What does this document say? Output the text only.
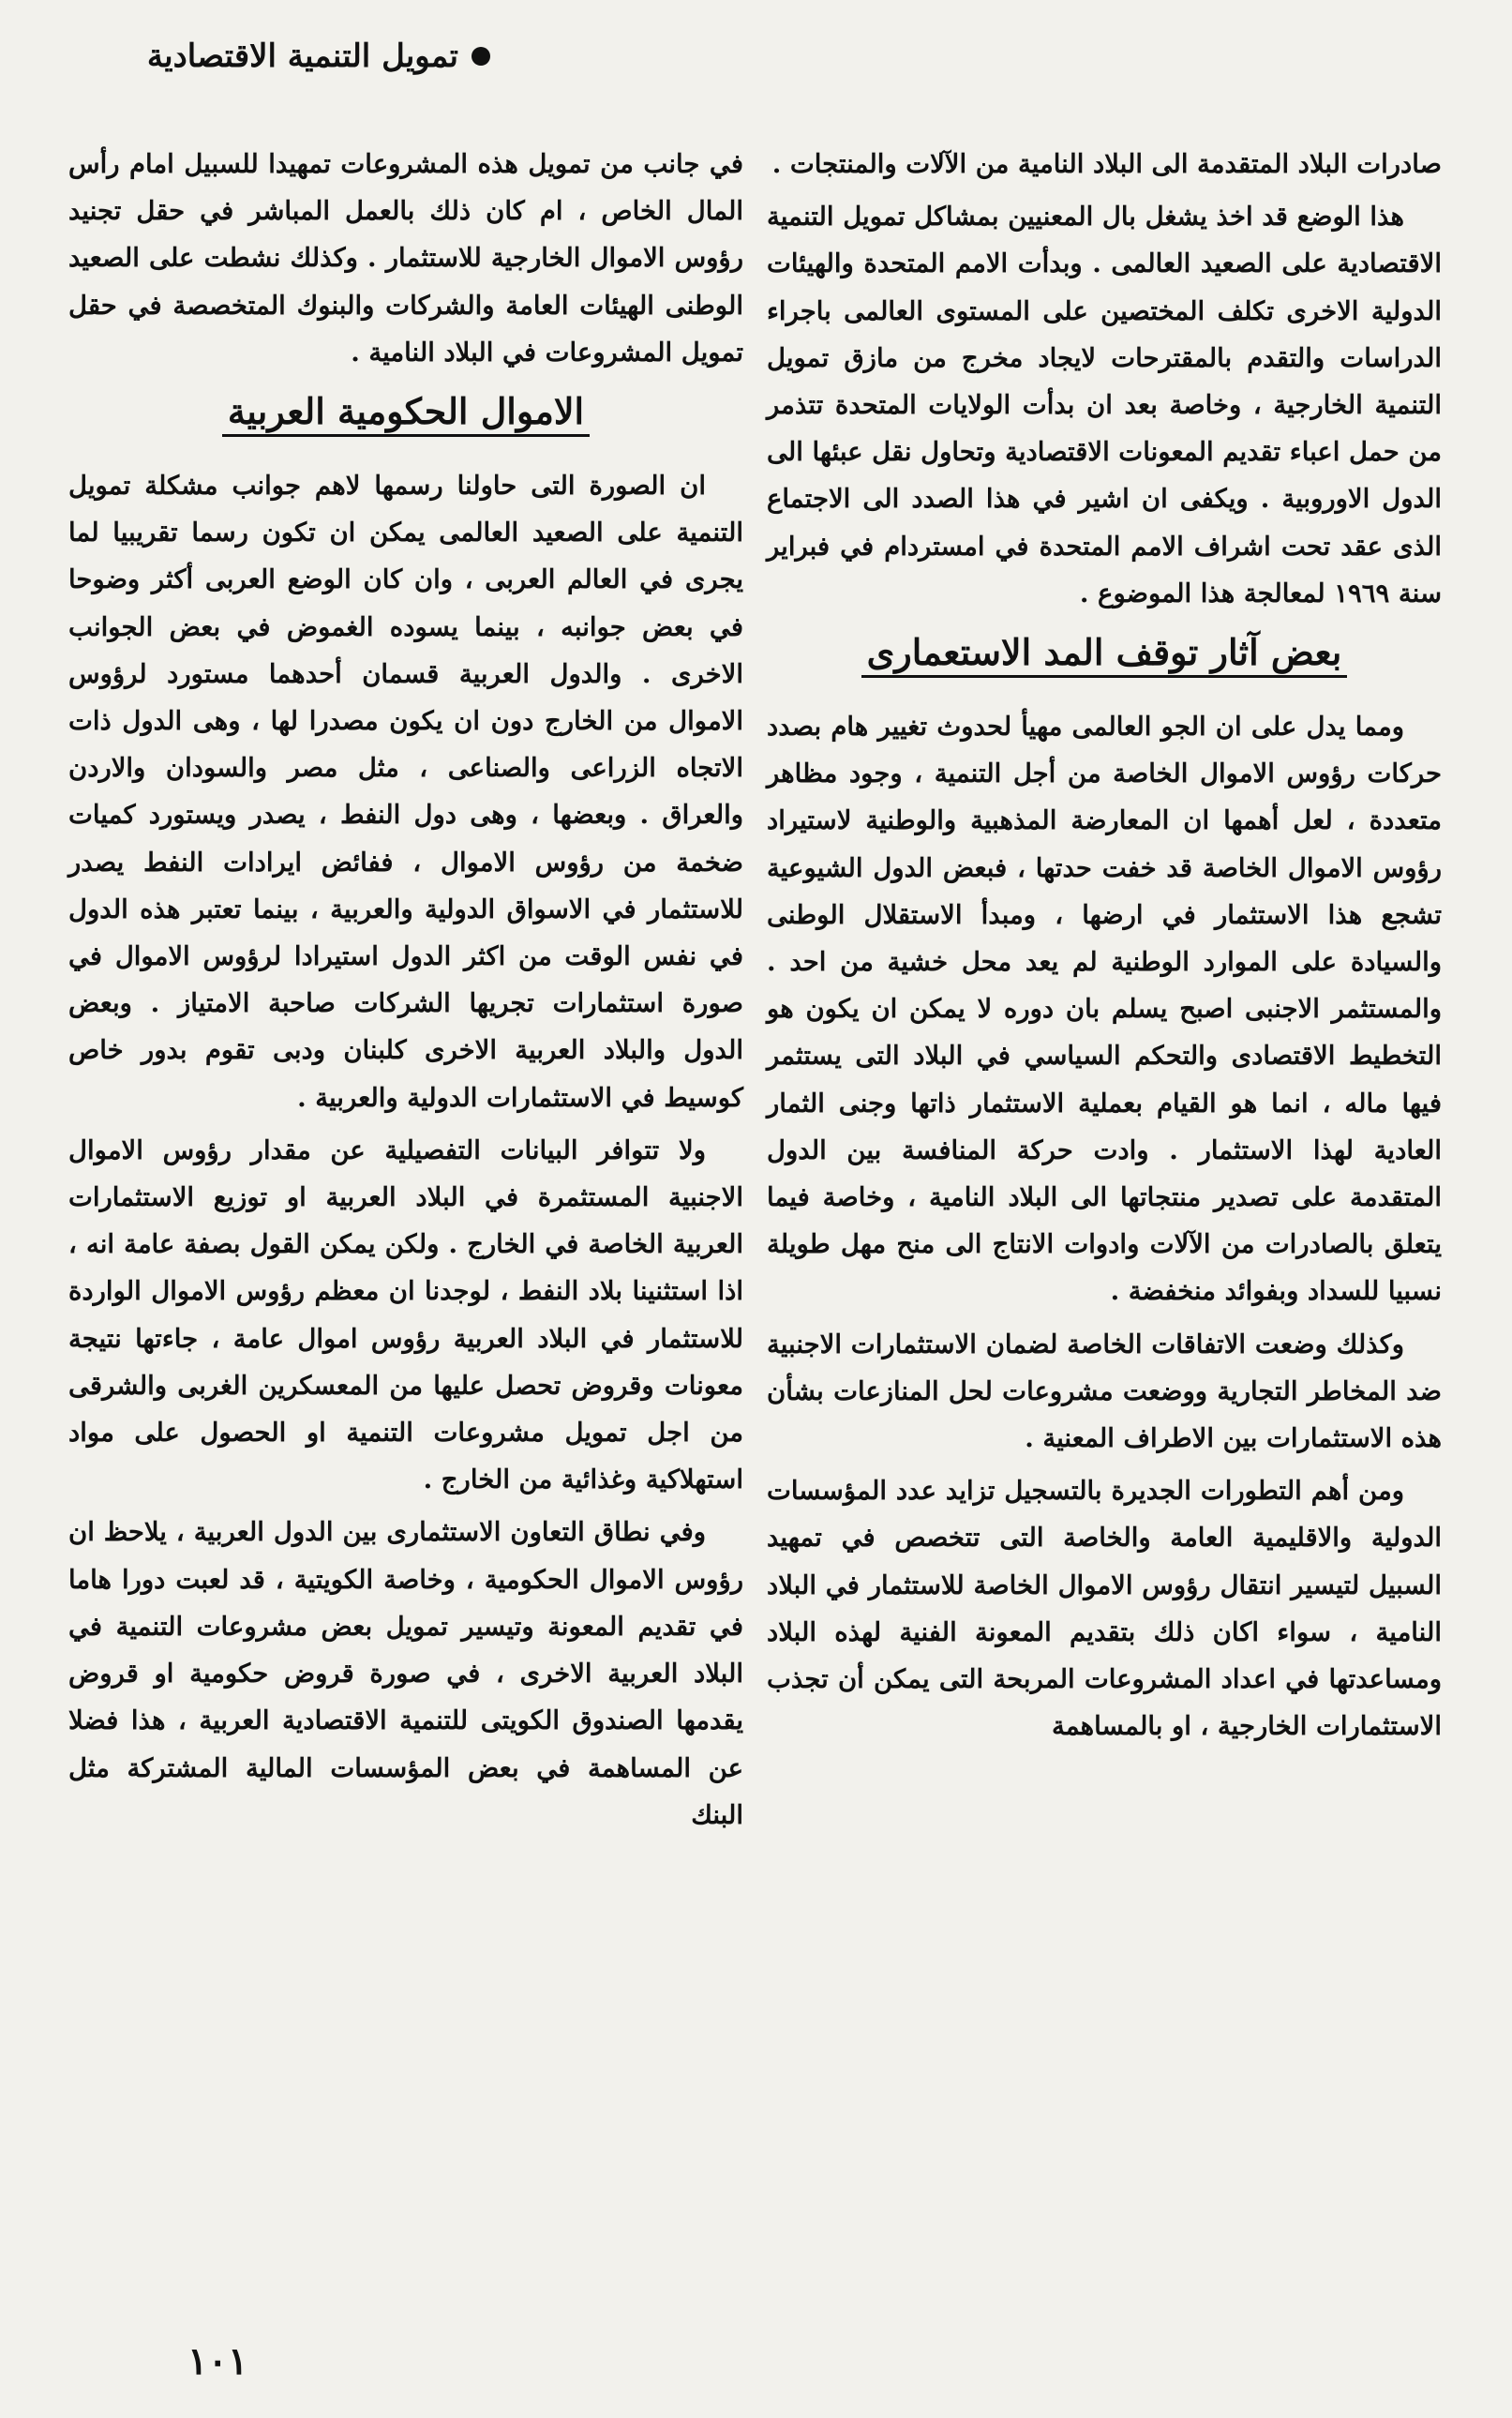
تمويل التنمية الاقتصادية

صادرات البلاد المتقدمة الى البلاد النامية من الآلات والمنتجات .

هذا الوضع قد اخذ يشغل بال المعنيين بمشاكل تمويل التنمية الاقتصادية على الصعيد العالمى . وبدأت الامم المتحدة والهيئات الدولية الاخرى تكلف المختصين على المستوى العالمى باجراء الدراسات والتقدم بالمقترحات لايجاد مخرج من مازق تمويل التنمية الخارجية ، وخاصة بعد ان بدأت الولايات المتحدة تتذمر من حمل اعباء تقديم المعونات الاقتصادية وتحاول نقل عبئها الى الدول الاوروبية . ويكفى ان اشير في هذا الصدد الى الاجتماع الذى عقد تحت اشراف الامم المتحدة في امستردام في فبراير سنة ١٩٦٩ لمعالجة هذا الموضوع .

بعض آثار توقف المد الاستعمارى

ومما يدل على ان الجو العالمى مهيأ لحدوث تغيير هام بصدد حركات رؤوس الاموال الخاصة من أجل التنمية ، وجود مظاهر متعددة ، لعل أهمها ان المعارضة المذهبية والوطنية لاستيراد رؤوس الاموال الخاصة قد خفت حدتها ، فبعض الدول الشيوعية تشجع هذا الاستثمار في ارضها ، ومبدأ الاستقلال الوطنى والسيادة على الموارد الوطنية لم يعد محل خشية من احد . والمستثمر الاجنبى اصبح يسلم بان دوره لا يمكن ان يكون هو التخطيط الاقتصادى والتحكم السياسي في البلاد التى يستثمر فيها ماله ، انما هو القيام بعملية الاستثمار ذاتها وجنى الثمار العادية لهذا الاستثمار . وادت حركة المنافسة بين الدول المتقدمة على تصدير منتجاتها الى البلاد النامية ، وخاصة فيما يتعلق بالصادرات من الآلات وادوات الانتاج الى منح مهل طويلة نسبيا للسداد وبفوائد منخفضة .

وكذلك وضعت الاتفاقات الخاصة لضمان الاستثمارات الاجنبية ضد المخاطر التجارية ووضعت مشروعات لحل المنازعات بشأن هذه الاستثمارات بين الاطراف المعنية .

ومن أهم التطورات الجديرة بالتسجيل تزايد عدد المؤسسات الدولية والاقليمية العامة والخاصة التى تتخصص في تمهيد السبيل لتيسير انتقال رؤوس الاموال الخاصة للاستثمار في البلاد النامية ، سواء اكان ذلك بتقديم المعونة الفنية لهذه البلاد ومساعدتها في اعداد المشروعات المربحة التى يمكن أن تجذب الاستثمارات الخارجية ، او بالمساهمة

في جانب من تمويل هذه المشروعات تمهيدا للسبيل امام رأس المال الخاص ، ام كان ذلك بالعمل المباشر في حقل تجنيد رؤوس الاموال الخارجية للاستثمار . وكذلك نشطت على الصعيد الوطنى الهيئات العامة والشركات والبنوك المتخصصة في حقل تمويل المشروعات في البلاد النامية .

الاموال الحكومية العربية

ان الصورة التى حاولنا رسمها لاهم جوانب مشكلة تمويل التنمية على الصعيد العالمى يمكن ان تكون رسما تقريبيا لما يجرى في العالم العربى ، وان كان الوضع العربى أكثر وضوحا في بعض جوانبه ، بينما يسوده الغموض في بعض الجوانب الاخرى . والدول العربية قسمان أحدهما مستورد لرؤوس الاموال من الخارج دون ان يكون مصدرا لها ، وهى الدول ذات الاتجاه الزراعى والصناعى ، مثل مصر والسودان والاردن والعراق . وبعضها ، وهى دول النفط ، يصدر ويستورد كميات ضخمة من رؤوس الاموال ، ففائض ايرادات النفط يصدر للاستثمار في الاسواق الدولية والعربية ، بينما تعتبر هذه الدول في نفس الوقت من اكثر الدول استيرادا لرؤوس الاموال في صورة استثمارات تجريها الشركات صاحبة الامتياز . وبعض الدول والبلاد العربية الاخرى كلبنان ودبى تقوم بدور خاص كوسيط في الاستثمارات الدولية والعربية .

ولا تتوافر البيانات التفصيلية عن مقدار رؤوس الاموال الاجنبية المستثمرة في البلاد العربية او توزيع الاستثمارات العربية الخاصة في الخارج . ولكن يمكن القول بصفة عامة انه ، اذا استثنينا بلاد النفط ، لوجدنا ان معظم رؤوس الاموال الواردة للاستثمار في البلاد العربية رؤوس اموال عامة ، جاءتها نتيجة معونات وقروض تحصل عليها من المعسكرين الغربى والشرقى من اجل تمويل مشروعات التنمية او الحصول على مواد استهلاكية وغذائية من الخارج .

وفي نطاق التعاون الاستثمارى بين الدول العربية ، يلاحظ ان رؤوس الاموال الحكومية ، وخاصة الكويتية ، قد لعبت دورا هاما في تقديم المعونة وتيسير تمويل بعض مشروعات التنمية في البلاد العربية الاخرى ، في صورة قروض حكومية او قروض يقدمها الصندوق الكويتى للتنمية الاقتصادية العربية ، هذا فضلا عن المساهمة في بعض المؤسسات المالية المشتركة مثل البنك

١٠١
